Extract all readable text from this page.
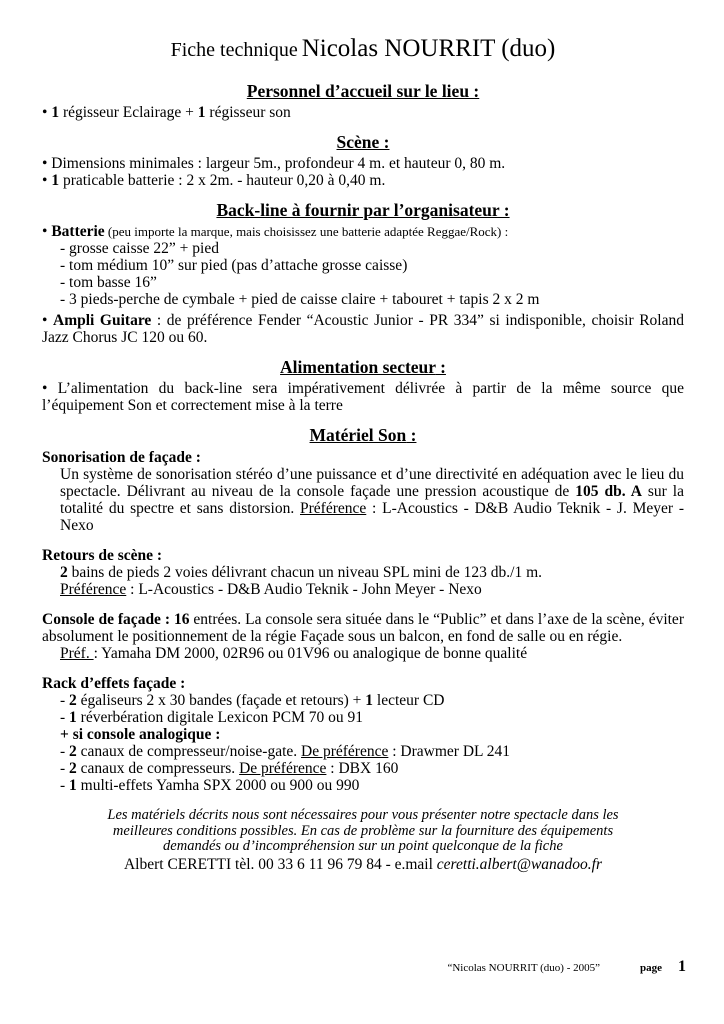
Fiche technique Nicolas NOURRIT (duo)
Personnel d’accueil sur le lieu :
• 1 régisseur Eclairage + 1 régisseur son
Scène :
• Dimensions minimales : largeur 5m., profondeur 4 m. et hauteur 0, 80 m.
• 1 praticable batterie : 2 x 2m. - hauteur 0,20 à 0,40 m.
Back-line à fournir par l’organisateur :
• Batterie (peu importe la marque, mais choisissez une batterie adaptée Reggae/Rock) :
- grosse caisse 22” + pied
- tom médium 10” sur pied (pas d’attache grosse caisse)
- tom basse 16”
- 3 pieds-perche de cymbale + pied de caisse claire + tabouret + tapis 2 x 2 m
• Ampli Guitare : de préférence Fender “Acoustic Junior - PR 334” si indisponible, choisir Roland Jazz Chorus JC 120 ou 60.
Alimentation secteur :
• L’alimentation du back-line sera impérativement délivrée à partir de la même source que l’équipement Son et correctement mise à la terre
Matériel Son :
Sonorisation de façade :
Un système de sonorisation stéréo d’une puissance et d’une directivité en adéquation avec le lieu du spectacle. Délivrant au niveau de la console façade une pression acoustique de 105 db. A sur la totalité du spectre et sans distorsion. Préférence : L-Acoustics - D&B Audio Teknik - J. Meyer - Nexo
Retours de scène :
2 bains de pieds 2 voies délivrant chacun un niveau SPL mini de 123 db./1 m.
Préférence : L-Acoustics - D&B Audio Teknik - John Meyer - Nexo
Console de façade : 16 entrées. La console sera située dans le “Public” et dans l’axe de la scène, éviter absolument le positionnement de la régie Façade sous un balcon, en fond de salle ou en régie.
Préf. : Yamaha DM 2000, 02R96 ou 01V96 ou analogique de bonne qualité
Rack d’effets façade :
- 2 égaliseurs 2 x 30 bandes (façade et retours) + 1 lecteur CD
- 1 réverbération digitale Lexicon PCM 70 ou 91
+ si console analogique :
- 2 canaux de compresseur/noise-gate. De préférence : Drawmer DL 241
- 2 canaux de compresseurs. De préférence : DBX 160
- 1 multi-effets Yamha SPX 2000 ou 900 ou 990
Les matériels décrits nous sont nécessaires pour vous présenter notre spectacle dans les
meilleures conditions possibles. En cas de problème sur la fourniture des équipements
demandés ou d’incompréhension sur un point quelconque de la fiche
Albert CERETTI tèl. 00 33 6 11 96 79 84 - e.mail ceretti.albert@wanadoo.fr
“Nicolas NOURRIT (duo) - 2005”	page 1
